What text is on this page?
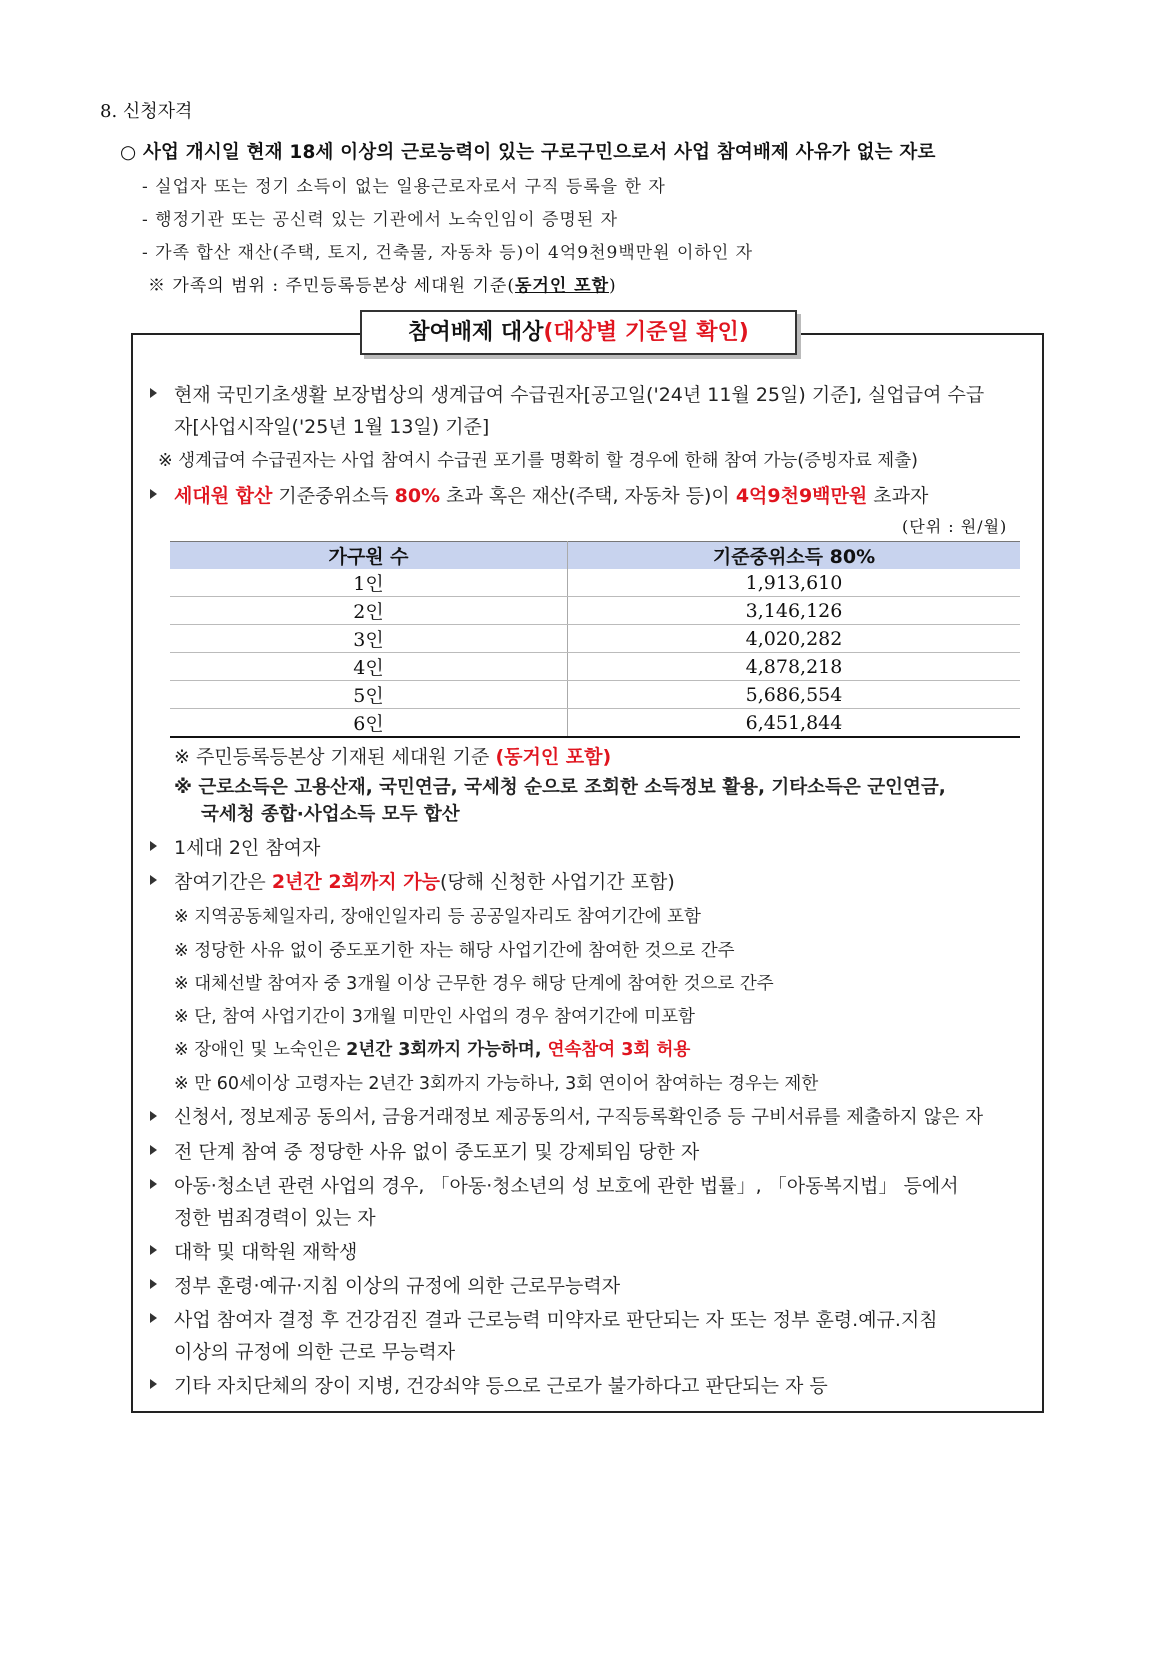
8. 신청자격
○ 사업 개시일 현재 18세 이상의 근로능력이 있는 구로구민으로서 사업 참여배제 사유가 없는 자로
- 실업자 또는 정기 소득이 없는 일용근로자로서 구직 등록을 한 자
- 행정기관 또는 공신력 있는 기관에서 노숙인임이 증명된 자
- 가족 합산 재산(주택, 토지, 건축물, 자동차 등)이 4억9천9백만원 이하인 자
※ 가족의 범위 : 주민등록등본상 세대원 기준(동거인 포함)
참여배제 대상(대상별 기준일 확인)
현재 국민기초생활 보장법상의 생계급여 수급권자[공고일('24년 11월 25일) 기준], 실업급여 수급
자[사업시작일('25년 1월 13일) 기준]
※ 생계급여 수급권자는 사업 참여시 수급권 포기를 명확히 할 경우에 한해 참여 가능(증빙자료 제출)
세대원 합산 기준중위소득 80% 초과 혹은 재산(주택, 자동차 등)이 4억9천9백만원 초과자
(단위 : 원/월)
가구원 수	기준중위소득 80%
1인	1,913,610
2인	3,146,126
3인	4,020,282
4인	4,878,218
5인	5,686,554
6인	6,451,844
※ 주민등록등본상 기재된 세대원 기준 (동거인 포함)
※ 근로소득은 고용산재, 국민연금, 국세청 순으로 조회한 소득정보 활용, 기타소득은 군인연금,
국세청 종합·사업소득 모두 합산
1세대 2인 참여자
참여기간은 2년간 2회까지 가능(당해 신청한 사업기간 포함)
※ 지역공동체일자리, 장애인일자리 등 공공일자리도 참여기간에 포함
※ 정당한 사유 없이 중도포기한 자는 해당 사업기간에 참여한 것으로 간주
※ 대체선발 참여자 중 3개월 이상 근무한 경우 해당 단계에 참여한 것으로 간주
※ 단, 참여 사업기간이 3개월 미만인 사업의 경우 참여기간에 미포함
※ 장애인 및 노숙인은 2년간 3회까지 가능하며, 연속참여 3회 허용
※ 만 60세이상 고령자는 2년간 3회까지 가능하나, 3회 연이어 참여하는 경우는 제한
신청서, 정보제공 동의서, 금융거래정보 제공동의서, 구직등록확인증 등 구비서류를 제출하지 않은 자
전 단계 참여 중 정당한 사유 없이 중도포기 및 강제퇴임 당한 자
아동·청소년 관련 사업의 경우, 「아동·청소년의 성 보호에 관한 법률」, 「아동복지법」 등에서
정한 범죄경력이 있는 자
대학 및 대학원 재학생
정부 훈령·예규·지침 이상의 규정에 의한 근로무능력자
사업 참여자 결정 후 건강검진 결과 근로능력 미약자로 판단되는 자 또는 정부 훈령.예규.지침
이상의 규정에 의한 근로 무능력자
기타 자치단체의 장이 지병, 건강쇠약 등으로 근로가 불가하다고 판단되는 자 등
